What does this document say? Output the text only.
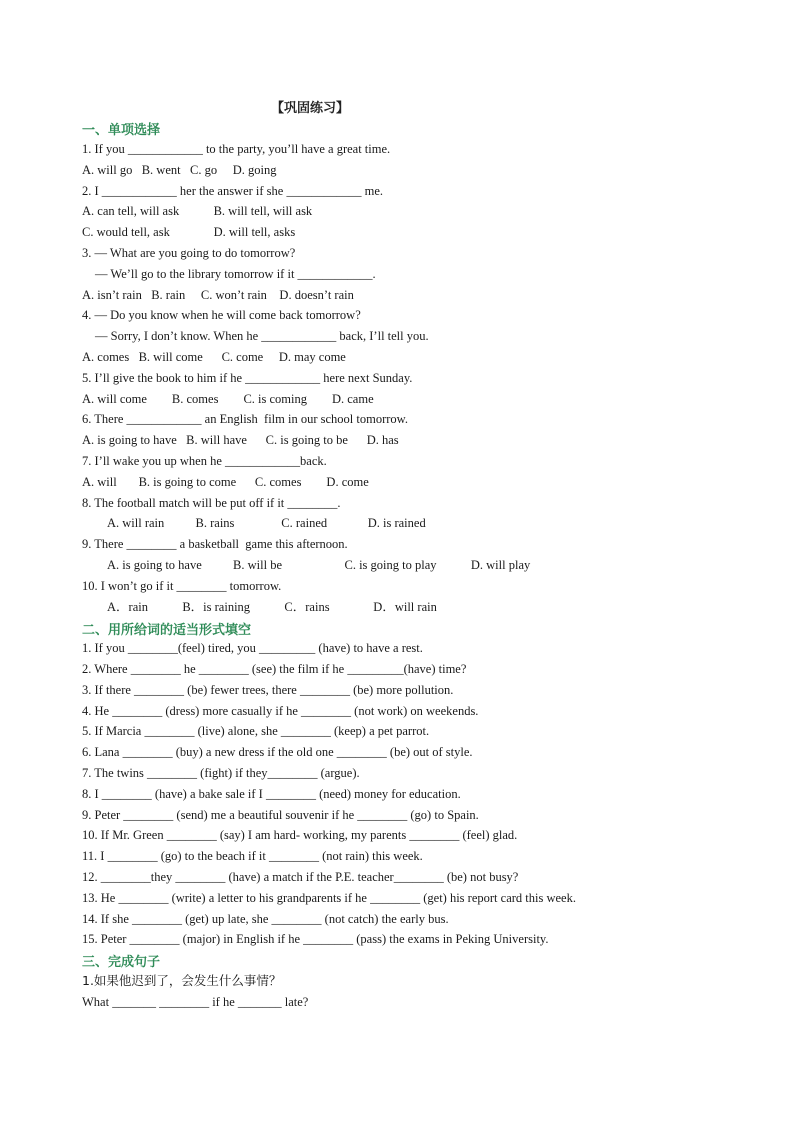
【巩固练习】
一、单项选择
1. If you ____________ to the party, you’ll have a great time.
A. will go   B. went   C. go     D. going
2. I ____________ her the answer if she ____________ me.
A. can tell, will ask           B. will tell, will ask
C. would tell, ask              D. will tell, asks
3. — What are you going to do tomorrow?
— We’ll go to the library tomorrow if it ____________.
A. isn’t rain   B. rain     C. won’t rain    D. doesn’t rain
4. — Do you know when he will come back tomorrow?
— Sorry, I don’t know. When he ____________ back, I’ll tell you.
A. comes   B. will come      C. come     D. may come
5. I’ll give the book to him if he ____________ here next Sunday.
A. will come        B. comes        C. is coming        D. came
6. There ____________ an English  film in our school tomorrow.
A. is going to have   B. will have      C. is going to be      D. has
7. I’ll wake you up when he ____________back.
A. will       B. is going to come      C. comes        D. come
8. The football match will be put off if it ________.
A. will rain          B. rains               C. rained             D. is rained
9. There ________ a basketball  game this afternoon.
A. is going to have          B. will be                    C. is going to play           D. will play
10. I won’t go if it ________ tomorrow.
A．rain           B．is raining           C．rains              D．will rain
二、用所给词的适当形式填空
1. If you ________(feel) tired, you _________ (have) to have a rest.
2. Where ________ he ________ (see) the film if he _________(have) time?
3. If there ________ (be) fewer trees, there ________ (be) more pollution.
4. He ________ (dress) more casually if he ________ (not work) on weekends.
5. If Marcia ________ (live) alone, she ________ (keep) a pet parrot.
6. Lana ________ (buy) a new dress if the old one ________ (be) out of style.
7. The twins ________ (fight) if they________ (argue).
8. I ________ (have) a bake sale if I ________ (need) money for education.
9. Peter ________ (send) me a beautiful souvenir if he ________ (go) to Spain.
10. If Mr. Green ________ (say) I am hard- working, my parents ________ (feel) glad.
11. I ________ (go) to the beach if it ________ (not rain) this week.
12. ________they ________ (have) a match if the P.E. teacher________ (be) not busy?
13. He ________ (write) a letter to his grandparents if he ________ (get) his report card this week.
14. If she ________ (get) up late, she ________ (not catch) the early bus.
15. Peter ________ (major) in English if he ________ (pass) the exams in Peking University.
三、完成句子
1.如果他迟到了，会发生什么事情？
What _______ ________ if he _______ late?
